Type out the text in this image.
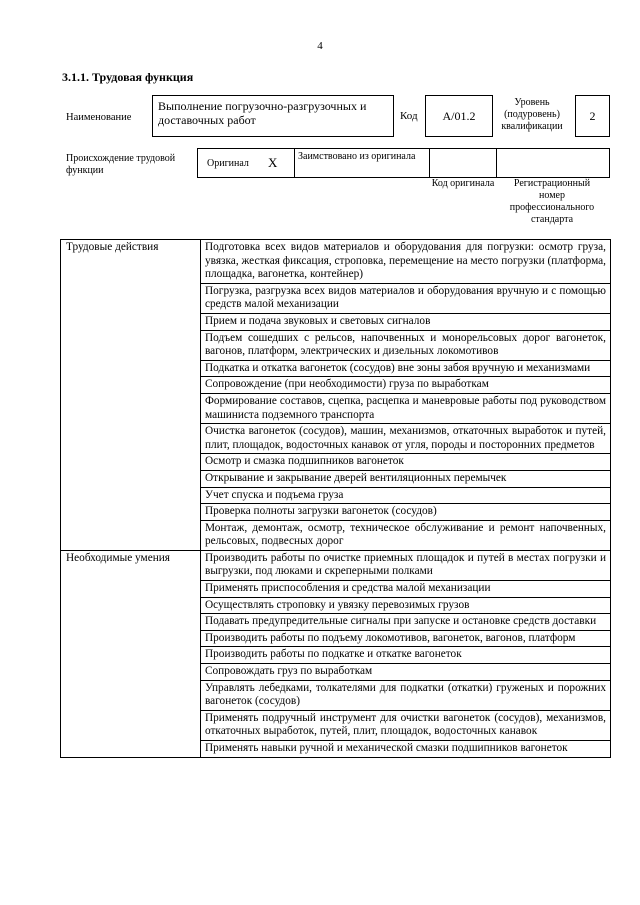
4
3.1.1. Трудовая функция
Наименование
Выполнение погрузочно-разгрузочных и доставочных работ	Код А/01.2
Уровень (подуровень) квалификации
2
Происхождение трудовой функции
Оригинал X Заимствовано из оригинала
Код оригинала	Регистрационный номер профессионального стандарта
Трудовые действия	Подготовка всех видов материалов и оборудования для погрузки: осмотр груза, увязка, жесткая фиксация, строповка, перемещение на место погрузки (платформа, площадка, вагонетка, контейнер)
	Погрузка, разгрузка всех видов материалов и оборудования вручную и с помощью средств малой механизации
	Прием и подача звуковых и световых сигналов
	Подъем сошедших с рельсов, напочвенных и монорельсовых дорог вагонеток, вагонов, платформ, электрических и дизельных локомотивов
	Подкатка и откатка вагонеток (сосудов) вне зоны забоя вручную и механизмами
	Сопровождение (при необходимости) груза по выработкам
	Формирование составов, сцепка, расцепка и маневровые работы под руководством машиниста подземного транспорта
	Очистка вагонеток (сосудов), машин, механизмов, откаточных выработок и путей, плит, площадок, водосточных канавок от угля, породы и посторонних предметов
	Осмотр и смазка подшипников вагонеток
	Открывание и закрывание дверей вентиляционных перемычек
	Учет спуска и подъема груза
	Проверка полноты загрузки вагонеток (сосудов)
	Монтаж, демонтаж, осмотр, техническое обслуживание и ремонт напочвенных, рельсовых, подвесных дорог
Необходимые умения	Производить работы по очистке приемных площадок и путей в местах погрузки и выгрузки, под люками и скреперными полками
	Применять приспособления и средства малой механизации
	Осуществлять строповку и увязку перевозимых грузов
	Подавать предупредительные сигналы при запуске и остановке средств доставки
	Производить работы по подъему локомотивов, вагонеток, вагонов, платформ
	Производить работы по подкатке и откатке вагонеток
	Сопровождать груз по выработкам
	Управлять лебедками, толкателями для подкатки (откатки) груженых и порожних вагонеток (сосудов)
	Применять подручный инструмент для очистки вагонеток (сосудов), механизмов, откаточных выработок, путей, плит, площадок, водосточных канавок
	Применять навыки ручной и механической смазки подшипников вагонеток
